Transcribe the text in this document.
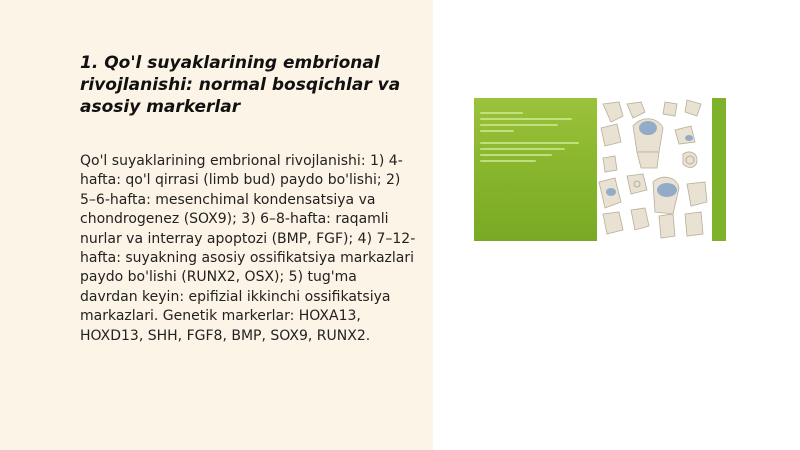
1. Qo'l suyaklarining embrional rivojlanishi: normal bosqichlar va asosiy markerlar

Qo'l suyaklarining embrional rivojlanishi: 1) 4-hafta: qo'l qirrasi (limb bud) paydo bo'lishi; 2) 5–6-hafta: mesenchimal kondensatsiya va chondrogenez (SOX9); 3) 6–8-hafta: raqamli nurlar va interray apoptozi (BMP, FGF); 4) 7–12-hafta: suyakning asosiy ossifikatsiya markazlari paydo bo'lishi (RUNX2, OSX); 5) tug'ma davrdan keyin: epifizial ikkinchi ossifikatsiya markazlari. Genetik markerlar: HOXA13, HOXD13, SHH, FGF8, BMP, SOX9, RUNX2.
